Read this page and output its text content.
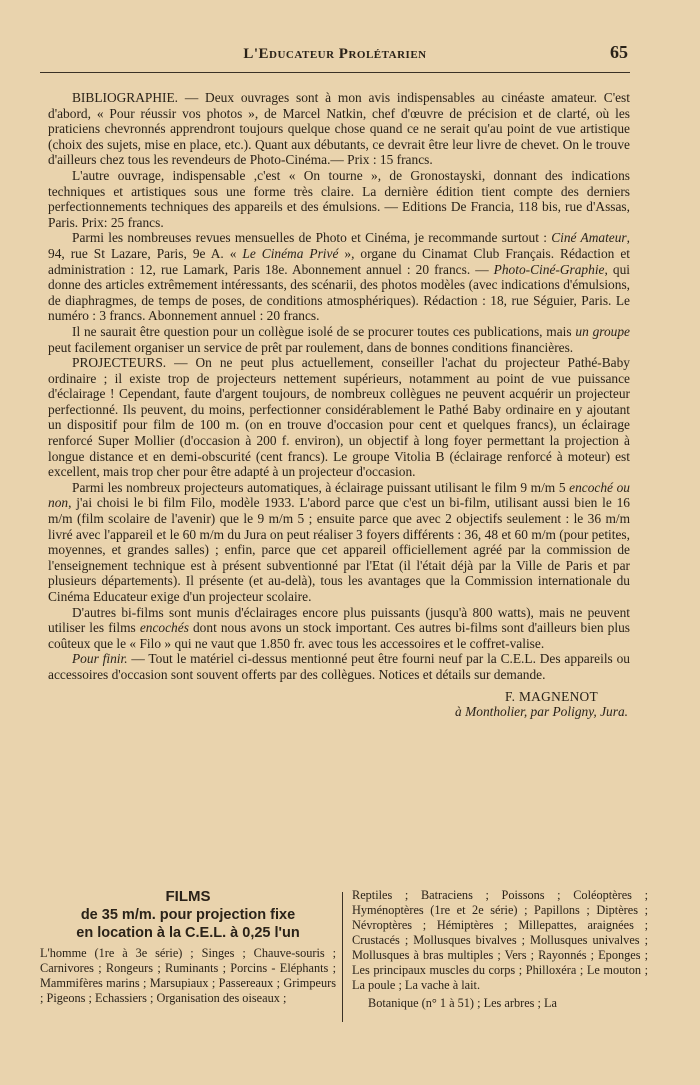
L'Educateur Prolétarien	65

BIBLIOGRAPHIE. — Deux ouvrages sont à mon avis indispensables au cinéaste amateur. C'est d'abord, « Pour réussir vos photos », de Marcel Natkin, chef d'œuvre de précision et de clarté, où les praticiens chevronnés apprendront toujours quelque chose quand ce ne serait qu'au point de vue artistique (choix des sujets, mise en place, etc.). Quant aux débutants, ce devrait être leur livre de chevet. On le trouve d'ailleurs chez tous les revendeurs de Photo-Cinéma.— Prix : 15 francs.

L'autre ouvrage, indispensable ,c'est « On tourne », de Gronostayski, donnant des indications techniques et artistiques sous une forme très claire. La dernière édition tient compte des derniers perfectionnements techniques des appareils et des émulsions. — Editions De Francia, 118 bis, rue d'Assas, Paris. Prix: 25 francs.

Parmi les nombreuses revues mensuelles de Photo et Cinéma, je recommande surtout : Ciné Amateur, 94, rue St Lazare, Paris, 9e A. « Le Cinéma Privé », organe du Cinamat Club Français. Rédaction et administration : 12, rue Lamark, Paris 18e. Abonnement annuel : 20 francs. — Photo-Ciné-Graphie, qui donne des articles extrêmement intéressants, des scénarii, des photos modèles (avec indications d'émulsions, de diaphragmes, de temps de poses, de conditions atmosphériques). Rédaction : 18, rue Séguier, Paris. Le numéro : 3 francs. Abonnement annuel : 20 francs.

Il ne saurait être question pour un collègue isolé de se procurer toutes ces publications, mais un groupe peut facilement organiser un service de prêt par roulement, dans de bonnes conditions financières.

PROJECTEURS. — On ne peut plus actuellement, conseiller l'achat du projecteur Pathé-Baby ordinaire ; il existe trop de projecteurs nettement supérieurs, notamment au point de vue puissance d'éclairage ! Cependant, faute d'argent toujours, de nombreux collègues ne peuvent acquérir un projecteur perfectionné. Ils peuvent, du moins, perfectionner considérablement le Pathé Baby ordinaire en y ajoutant un dispositif pour film de 100 m. (on en trouve d'occasion pour cent et quelques francs), un éclairage renforcé Super Mollier (d'occasion à 200 f. environ), un objectif à long foyer permettant la projection à longue distance et en demi-obscurité (cent francs). Le groupe Vitolia B (éclairage renforcé à moteur) est excellent, mais trop cher pour être adapté à un projecteur d'occasion.

Parmi les nombreux projecteurs automatiques, à éclairage puissant utilisant le film 9 m/m 5 encoché ou non, j'ai choisi le bi film Filo, modèle 1933. L'abord parce que c'est un bi-film, utilisant aussi bien le 16 m/m (film scolaire de l'avenir) que le 9 m/m 5 ; ensuite parce que avec 2 objectifs seulement : le 36 m/m livré avec l'appareil et le 60 m/m du Jura on peut réaliser 3 foyers différents : 36, 48 et 60 m/m (pour petites, moyennes, et grandes salles) ; enfin, parce que cet appareil officiellement agréé par la commission de l'enseignement technique est à présent subventionné par l'Etat (il l'était déjà par la Ville de Paris et par plusieurs départements). Il présente (et au-delà), tous les avantages que la Commission internationale du Cinéma Educateur exige d'un projecteur scolaire.

D'autres bi-films sont munis d'éclairages encore plus puissants (jusqu'à 800 watts), mais ne peuvent utiliser les films encochés dont nous avons un stock important. Ces autres bi-films sont d'ailleurs bien plus coûteux que le « Filo » qui ne vaut que 1.850 fr. avec tous les accessoires et le coffret-valise.

Pour finir. — Tout le matériel ci-dessus mentionné peut être fourni neuf par la C.E.L. Des appareils ou accessoires d'occasion sont souvent offerts par des collègues. Notices et détails sur demande.

F. MAGNENOT
à Montholier, par Poligny, Jura.
FILMS
de 35 m/m. pour projection fixe
en location à la C.E.L. à 0,25 l'un
L'homme (1re à 3e série) ; Singes ; Chauve-souris ; Carnivores ; Rongeurs ; Ruminants ; Porcins - Eléphants ; Mammifères marins ; Marsupiaux ; Passereaux ; Grimpeurs ; Pigeons ; Echassiers ; Organisation des oiseaux ;
Reptiles ; Batraciens ; Poissons ; Coléoptères ; Hyménoptères (1re et 2e série) ; Papillons ; Diptères ; Névroptères ; Hémiptères ; Millepattes, araignées ; Crustacés ; Mollusques bivalves ; Mollusques univalves ; Mollusques à bras multiples ; Vers ; Rayonnés ; Eponges ; Les principaux muscles du corps ; Philloxéra ; Le mouton ; La poule ; La vache à lait.
Botanique (n° 1 à 51) ; Les arbres ; La
